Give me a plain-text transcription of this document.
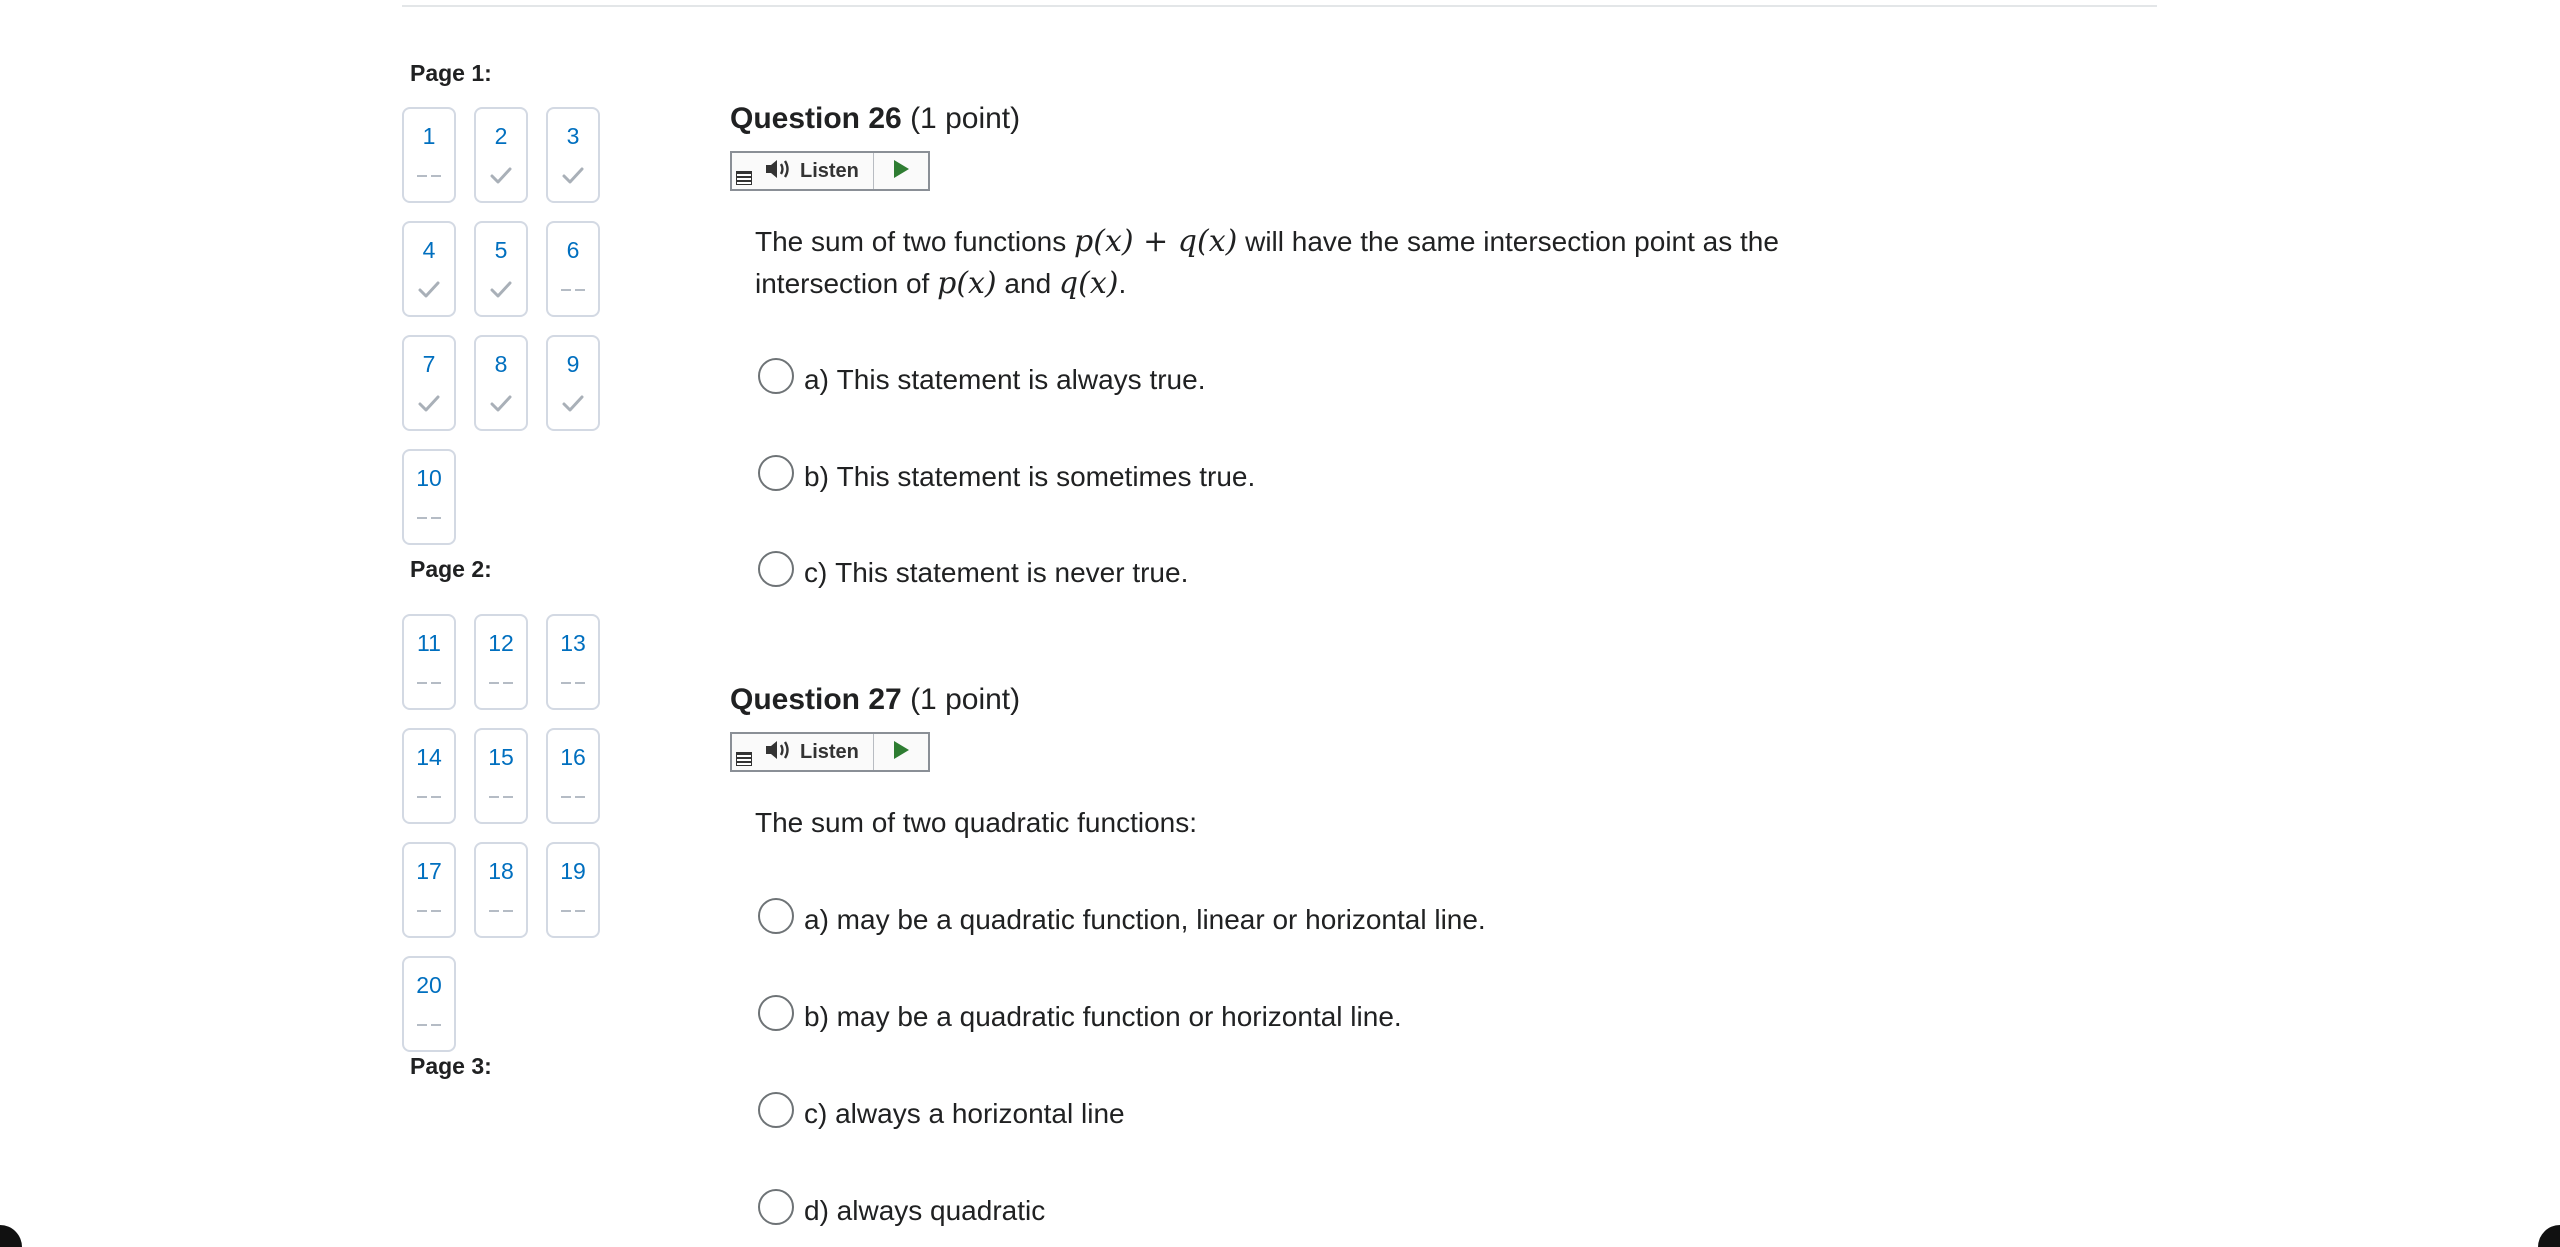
Page 1:
1	2	3
4	5	6
7	8	9
10
Page 2:
11	12	13
14	15	16
17	18	19
20
Page 3:
Question 26 (1 point)
Listen
The sum of two functions p(x) + q(x) will have the same intersection point as the intersection of p(x) and q(x).
a) This statement is always true.
b) This statement is sometimes true.
c) This statement is never true.
Question 27 (1 point)
Listen
The sum of two quadratic functions:
a) may be a quadratic function, linear or horizontal line.
b) may be a quadratic function or horizontal line.
c) always a horizontal line
d) always quadratic
